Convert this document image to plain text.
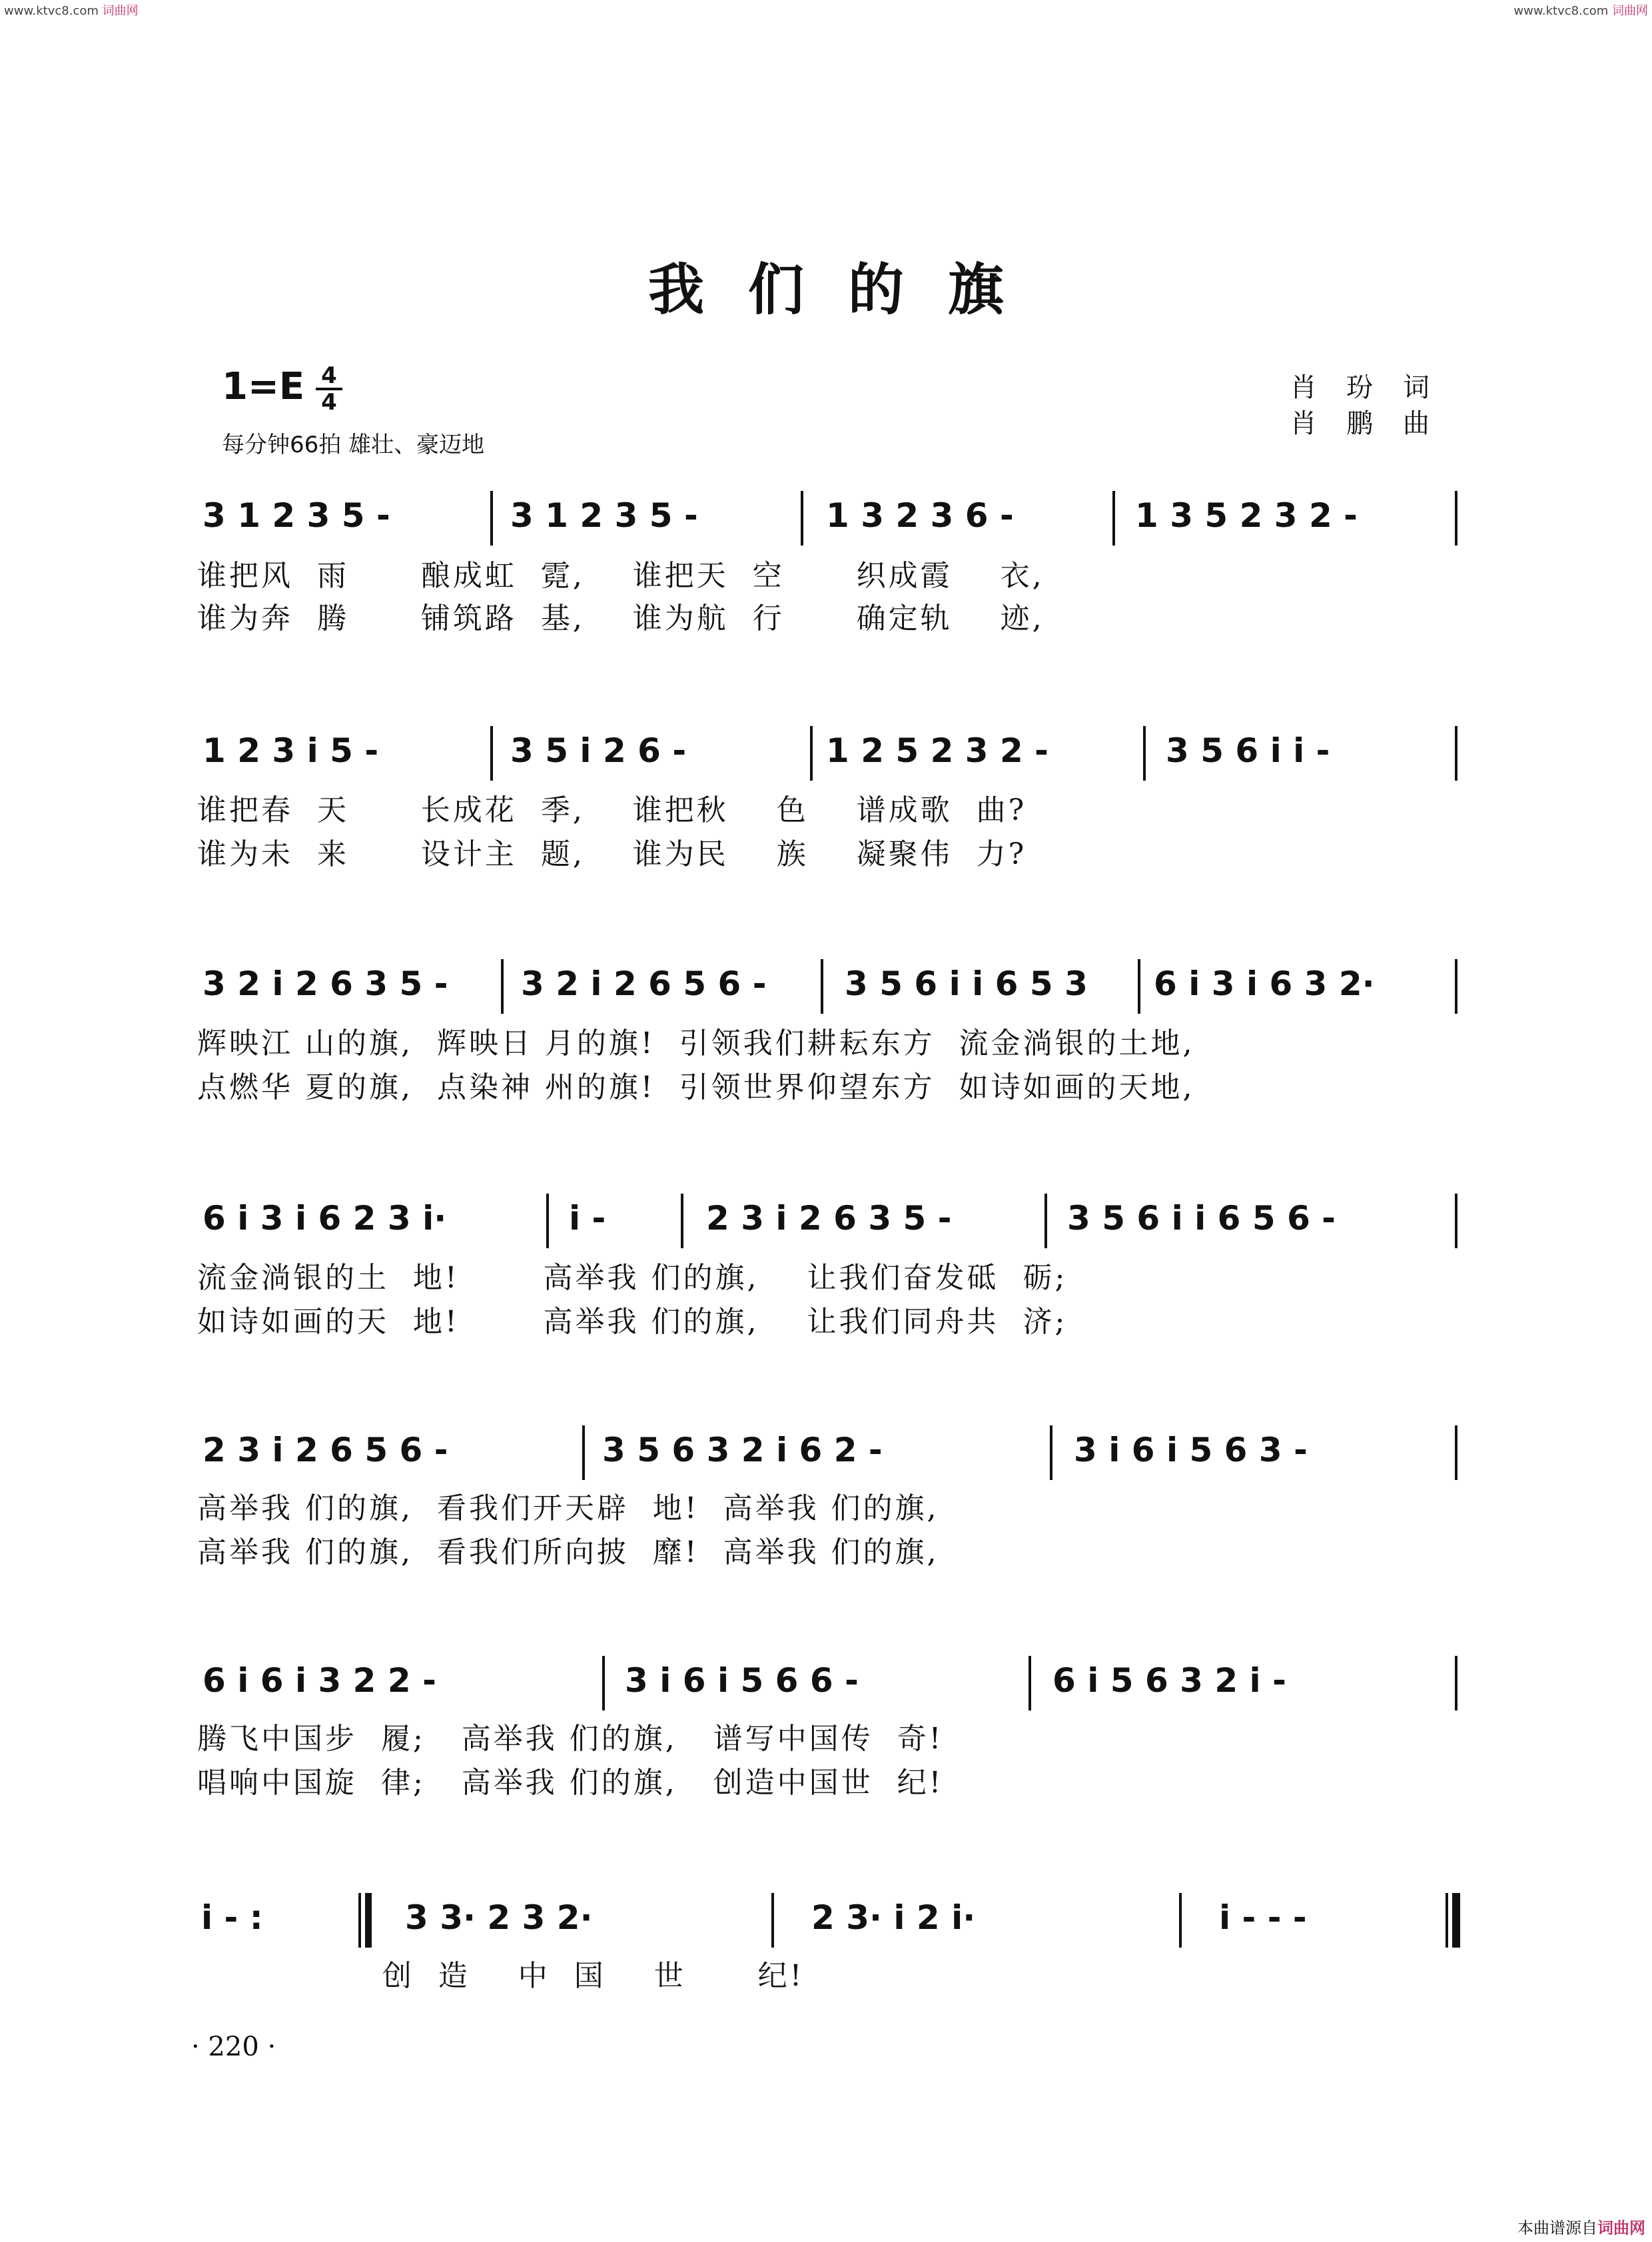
www.ktvc8.com 词曲网	www.ktvc8.com 词曲网
我们的旗
1=E 4
4
每分钟66拍 雄壮、豪迈地
肖 玢 词
肖 鹏 曲
3 1 2 3 5 -	3 1 2 3 5 -	1 3 2 3 6 -	1 3 5 2 3 2 -
谁把风  雨      酿成虹  霓,    谁把天  空      织成霞    衣,
谁为奔  腾      铺筑路  基,    谁为航  行      确定轨    迹,
1 2 3 i 5 -	3 5 i 2 6 -	1 2 5 2 3 2 -	3 5 6 i i -
谁把春  天      长成花  季,    谁把秋    色    谱成歌  曲?
谁为未  来      设计主  题,    谁为民    族    凝聚伟  力?
3 2 i 2 6 3 5 - 3 2 i 2 6 5 6 - 3 5 6 i i 6 5 3 6 i 3 i 6 3 2·
辉映江 山的旗,  辉映日 月的旗!  引领我们耕耘东方  流金淌银的土地,
点燃华 夏的旗,  点染神 州的旗!  引领世界仰望东方  如诗如画的天地,
6 i 3 i 6 2 3 i·	i -	2 3 i 2 6 3 5 -	3 5 6 i i 6 5 6 -
流金淌银的土  地!       高举我 们的旗,    让我们奋发砥  砺;
如诗如画的天  地!       高举我 们的旗,    让我们同舟共  济;
2 3 i 2 6 5 6 -	3 5 6 3 2 i 6 2 -	3 i 6 i 5 6 3 -
高举我 们的旗,  看我们开天辟  地!  高举我 们的旗,
高举我 们的旗,  看我们所向披  靡!  高举我 们的旗,
6 i 6 i 3 2 2 -	3 i 6 i 5 6 6 -	6 i 5 6 3 2 i -
腾飞中国步  履;   高举我 们的旗,   谱写中国传  奇!
唱响中国旋  律;   高举我 们的旗,   创造中国世  纪!
i - :	3 3· 2 3 2·	2 3· i 2 i·	i - - -
创  造    中  国    世      纪!
· 220 ·
本曲谱源自词曲网
